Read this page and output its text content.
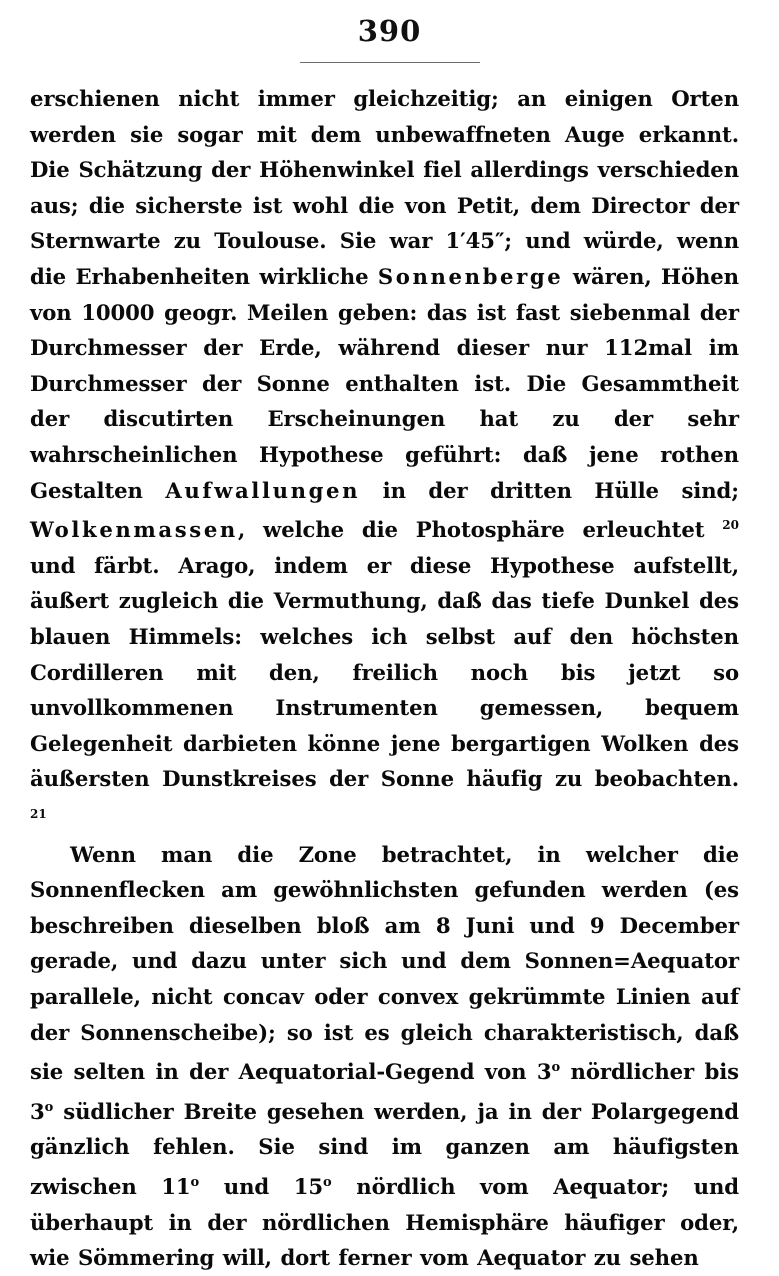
390

erschienen nicht immer gleichzeitig; an einigen Orten werden sie sogar mit dem unbewaffneten Auge erkannt. Die Schätzung der Höhenwinkel fiel allerdings verschieden aus; die sicherste ist wohl die von Petit, dem Director der Sternwarte zu Toulouse. Sie war 1′45″; und würde, wenn die Erhabenheiten wirkliche Sonnenberge wären, Höhen von 10000 geogr. Meilen geben: das ist fast siebenmal der Durchmesser der Erde, während dieser nur 112mal im Durchmesser der Sonne enthalten ist. Die Gesammtheit der discutirten Erscheinungen hat zu der sehr wahrscheinlichen Hypothese geführt: daß jene rothen Gestalten Aufwallungen in der dritten Hülle sind; Wolkenmassen, welche die Photosphäre erleuchtet $^{20}$ und färbt. Arago, indem er diese Hypothese aufstellt, äußert zugleich die Vermuthung, daß das tiefe Dunkel des blauen Himmels: welches ich selbst auf den höchsten Cordilleren mit den, freilich noch bis jetzt so unvollkommenen Instrumenten gemessen, bequem Gelegenheit darbieten könne jene bergartigen Wolken des äußersten Dunstkreises der Sonne häufig zu beobachten. $^{21}$

Wenn man die Zone betrachtet, in welcher die Sonnenflecken am gewöhnlichsten gefunden werden (es beschreiben dieselben bloß am 8 Juni und 9 December gerade, und dazu unter sich und dem Sonnen=Aequator parallele, nicht concav oder convex gekrümmte Linien auf der Sonnenscheibe); so ist es gleich charakteristisch, daß sie selten in der Aequatorial-Gegend von 3$^o$ nördlicher bis 3$^o$ südlicher Breite gesehen werden, ja in der Polargegend gänzlich fehlen. Sie sind im ganzen am häufigsten zwischen 11$^o$ und 15$^o$ nördlich vom Aequator; und überhaupt in der nördlichen Hemisphäre häufiger oder, wie Sömmering will, dort ferner vom Aequator zu sehen
